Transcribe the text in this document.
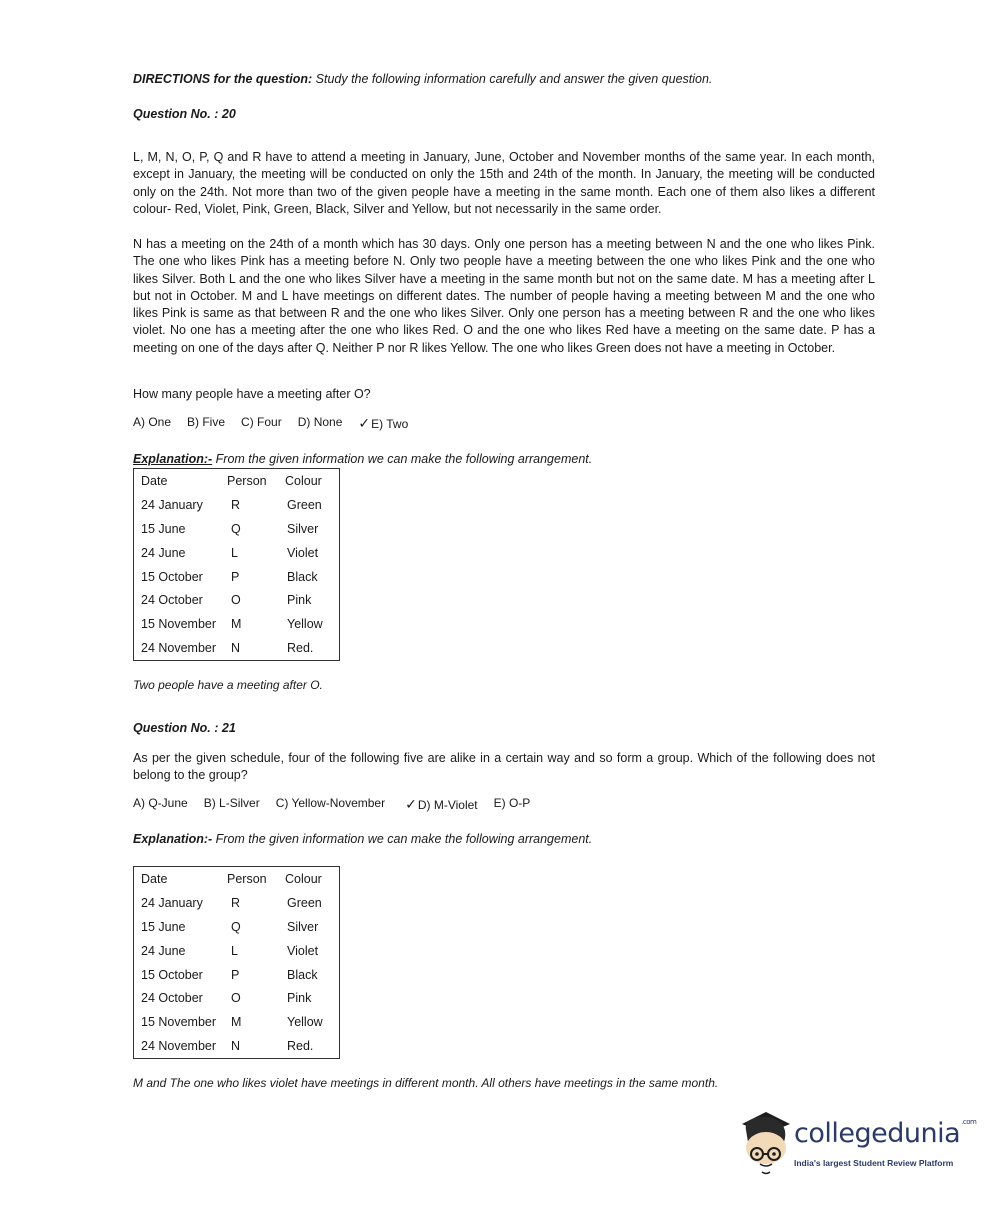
DIRECTIONS for the question: Study the following information carefully and answer the given question.
Question No. : 20
L, M, N, O, P, Q and R have to attend a meeting in January, June, October and November months of the same year. In each month, except in January, the meeting will be conducted on only the 15th and 24th of the month. In January, the meeting will be conducted only on the 24th. Not more than two of the given people have a meeting in the same month. Each one of them also likes a different colour- Red, Violet, Pink, Green, Black, Silver and Yellow, but not necessarily in the same order.
N has a meeting on the 24th of a month which has 30 days. Only one person has a meeting between N and the one who likes Pink. The one who likes Pink has a meeting before N. Only two people have a meeting between the one who likes Pink and the one who likes Silver. Both L and the one who likes Silver have a meeting in the same month but not on the same date. M has a meeting after L but not in October. M and L have meetings on different dates. The number of people having a meeting between M and the one who likes Pink is same as that between R and the one who likes Silver. Only one person has a meeting between R and the one who likes violet. No one has a meeting after the one who likes Red. O and the one who likes Red have a meeting on the same date. P has a meeting on one of the days after Q. Neither P nor R likes Yellow. The one who likes Green does not have a meeting in October.
How many people have a meeting after O?
A) One B) Five C) Four D) None ✓E) Two
Explanation:- From the given information we can make the following arrangement.
Date	Person	Colour
24 January	R	Green
15 June	Q	Silver
24 June	L	Violet
15 October	P	Black
24 October	O	Pink
15 November	M	Yellow
24 November	N	Red.
Two people have a meeting after O.
Question No. : 21
As per the given schedule, four of the following five are alike in a certain way and so form a group. Which of the following does not belong to the group?
A) Q-June B) L-Silver C) Yellow-November ✓D) M-Violet E) O-P
Explanation:- From the given information we can make the following arrangement.
Date	Person	Colour
24 January	R	Green
15 June	Q	Silver
24 June	L	Violet
15 October	P	Black
24 October	O	Pink
15 November	M	Yellow
24 November	N	Red.
M and The one who likes violet have meetings in different month. All others have meetings in the same month.
collegedunia$^{.com}$
India's largest Student Review Platform
